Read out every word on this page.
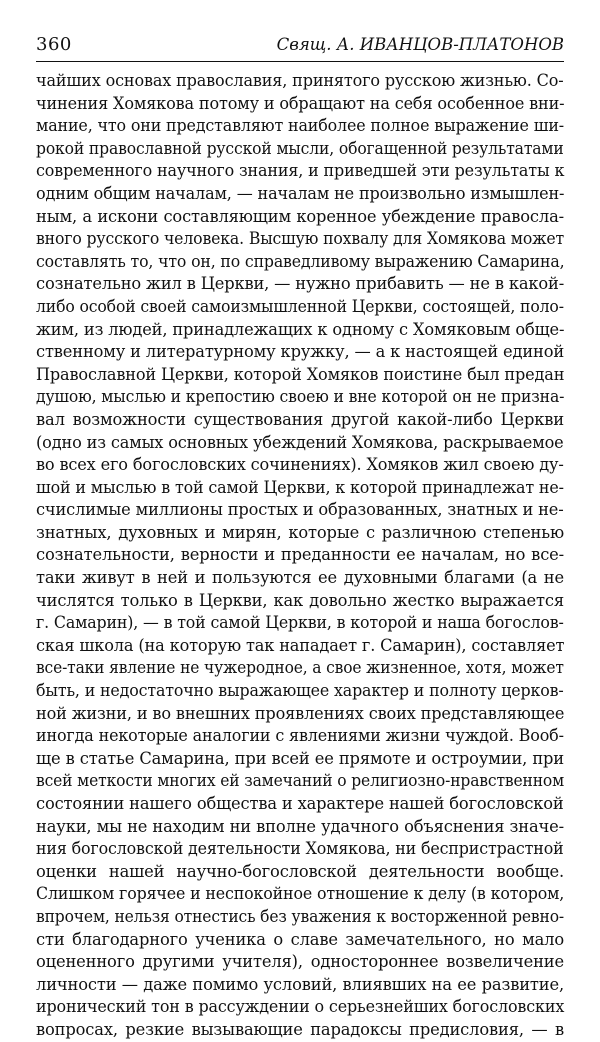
360	Свящ. А. ИВАНЦОВ-ПЛАТОНОВ
чайших основах православия, принятого русскою жизнью. Со-
чинения Хомякова потому и обращают на себя особенное вни-
мание, что они представляют наиболее полное выражение ши-
рокой православной русской мысли, обогащенной результатами
современного научного знания, и приведшей эти результаты к
одним общим началам, — началам не произвольно измышлен-
ным, а искони составляющим коренное убеждение правосла-
вного русского человека. Высшую похвалу для Хомякова может
составлять то, что он, по справедливому выражению Самарина,
сознательно жил в Церкви, — нужно прибавить — не в какой-
либо особой своей самоизмышленной Церкви, состоящей, поло-
жим, из людей, принадлежащих к одному с Хомяковым обще-
ственному и литературному кружку, — а к настоящей единой
Православной Церкви, которой Хомяков поистине был предан
душою, мыслью и крепостию своею и вне которой он не призна-
вал возможности существования другой какой-либо Церкви
(одно из самых основных убеждений Хомякова, раскрываемое
во всех его богословских сочинениях). Хомяков жил своею ду-
шой и мыслью в той самой Церкви, к которой принадлежат не-
счислимые миллионы простых и образованных, знатных и не-
знатных, духовных и мирян, которые с различною степенью
сознательности, верности и преданности ее началам, но все-
таки живут в ней и пользуются ее духовными благами (а не
числятся только в Церкви, как довольно жестко выражается
г. Самарин), — в той самой Церкви, в которой и наша богослов-
ская школа (на которую так нападает г. Самарин), составляет
все-таки явление не чужеродное, а свое жизненное, хотя, может
быть, и недостаточно выражающее характер и полноту церков-
ной жизни, и во внешних проявлениях своих представляющее
иногда некоторые аналогии с явлениями жизни чуждой. Вооб-
ще в статье Самарина, при всей ее прямоте и остроумии, при
всей меткости многих ей замечаний о религиозно-нравственном
состоянии нашего общества и характере нашей богословской
науки, мы не находим ни вполне удачного объяснения значе-
ния богословской деятельности Хомякова, ни беспристрастной
оценки нашей научно-богословской деятельности вообще.
Слишком горячее и неспокойное отношение к делу (в котором,
впрочем, нельзя отнестись без уважения к восторженной ревно-
сти благодарного ученика о славе замечательного, но мало
оцененного другими учителя), одностороннее возвеличение
личности — даже помимо условий, влиявших на ее развитие,
иронический тон в рассуждении о серьезнейших богословских
вопросах, резкие вызывающие парадоксы предисловия, — в
